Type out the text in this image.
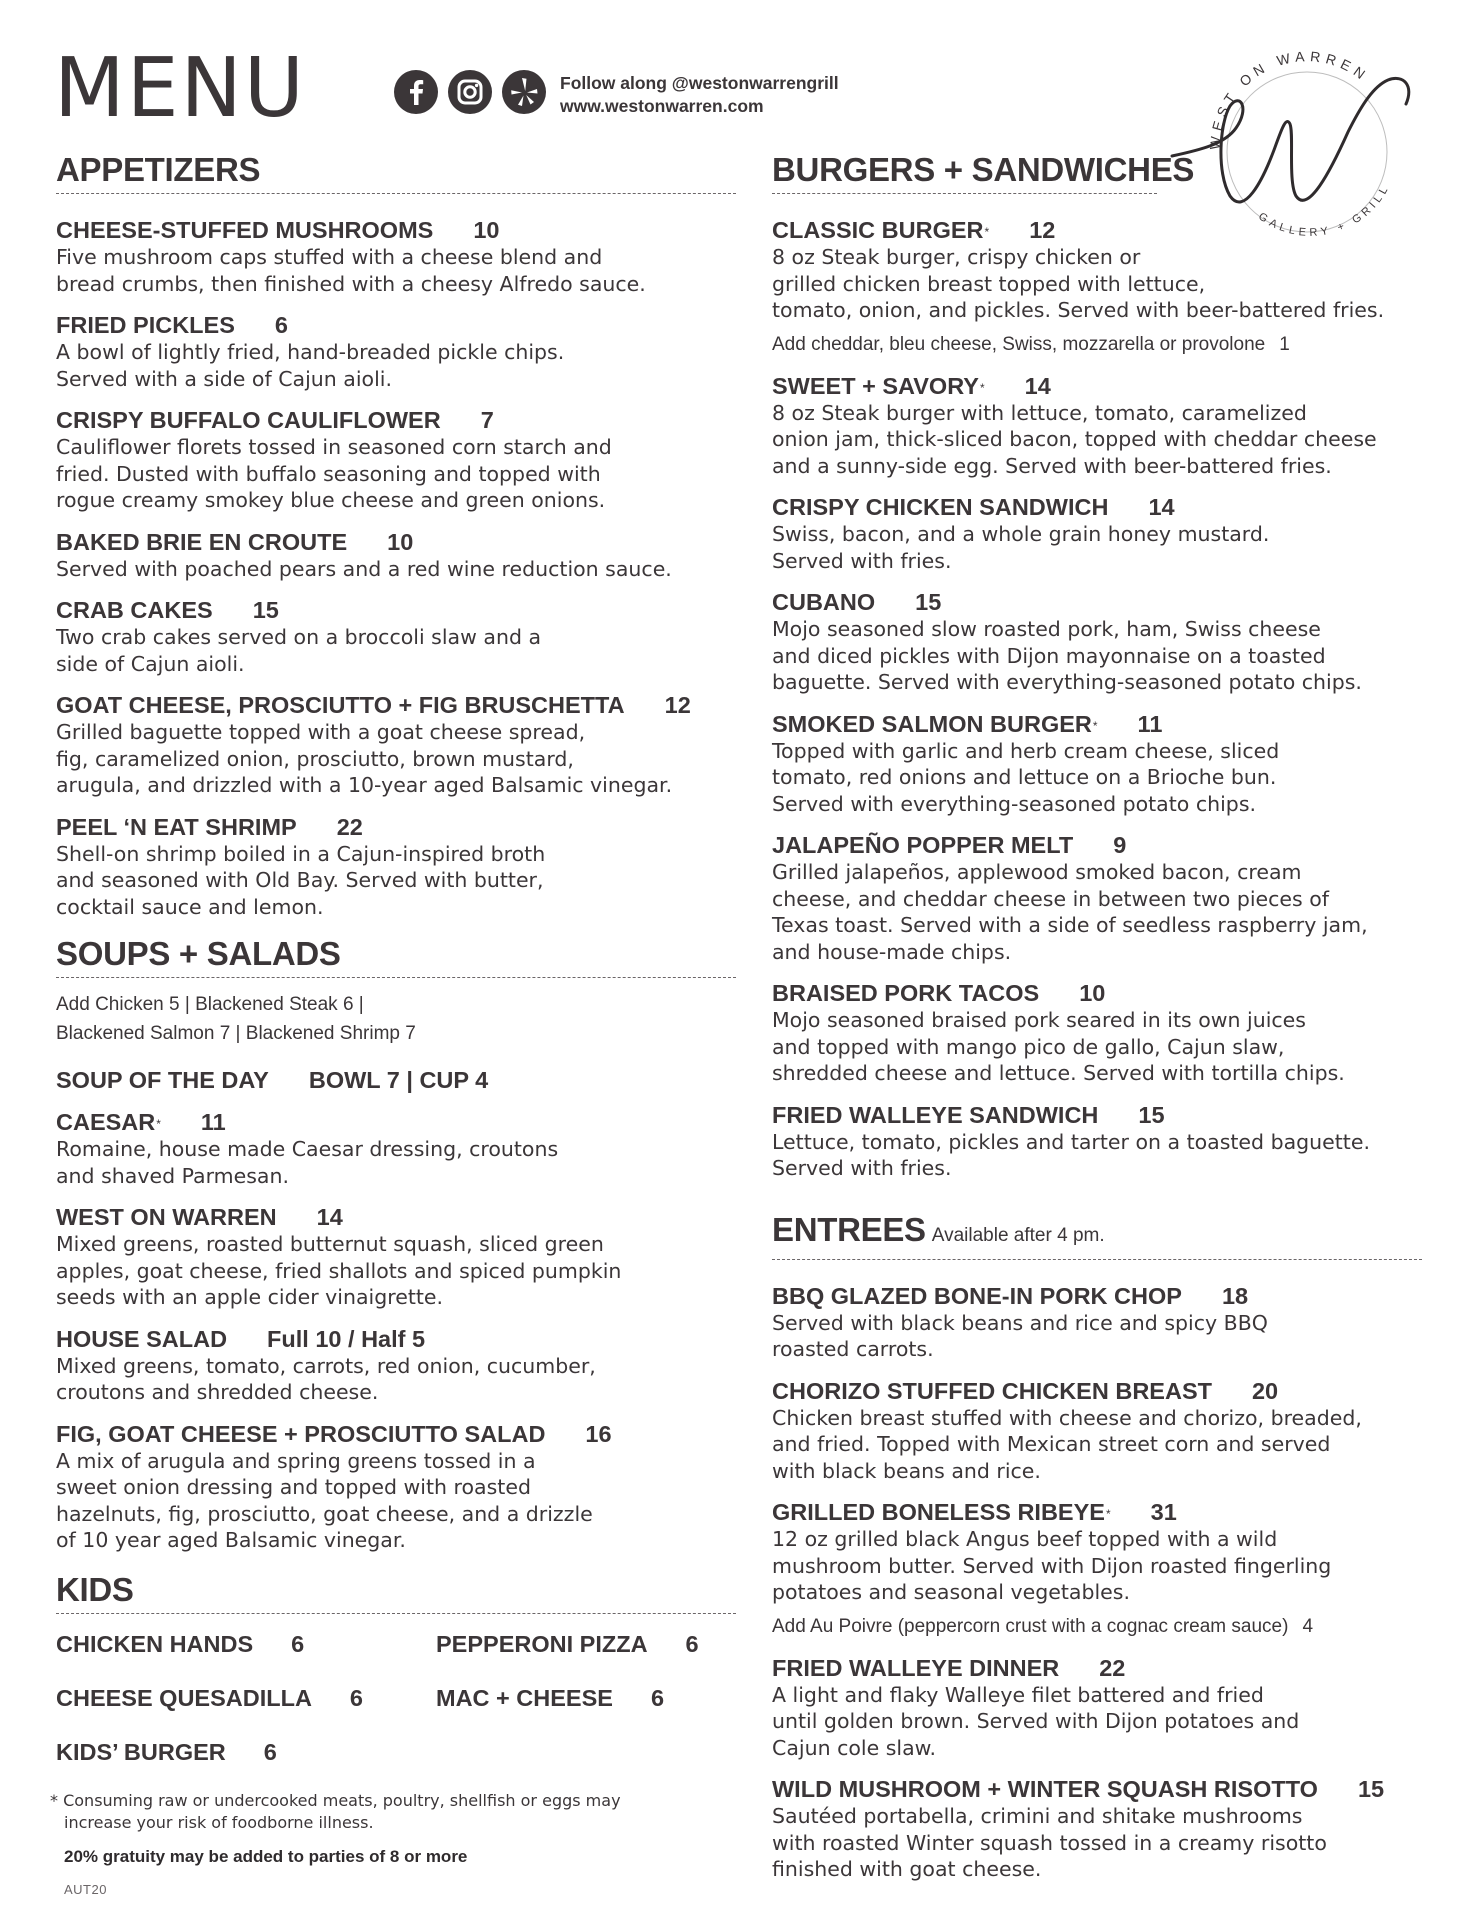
MENU	Follow along @westonwarrengrill
www.westonwarren.com
WEST ON WARREN
GALLERY + GRILL
APPETIZERS
CHEESE-STUFFED MUSHROOMS 10
Five mushroom caps stuffed with a cheese blend and
bread crumbs, then finished with a cheesy Alfredo sauce.
FRIED PICKLES 6
A bowl of lightly fried, hand-breaded pickle chips.
Served with a side of Cajun aioli.
CRISPY BUFFALO CAULIFLOWER 7
Cauliflower florets tossed in seasoned corn starch and
fried. Dusted with buffalo seasoning and topped with
rogue creamy smokey blue cheese and green onions.
BAKED BRIE EN CROUTE 10
Served with poached pears and a red wine reduction sauce.
CRAB CAKES 15
Two crab cakes served on a broccoli slaw and a
side of Cajun aioli.
GOAT CHEESE, PROSCIUTTO + FIG BRUSCHETTA 12
Grilled baguette topped with a goat cheese spread,
fig, caramelized onion, prosciutto, brown mustard,
arugula, and drizzled with a 10-year aged Balsamic vinegar.
PEEL ‘N EAT SHRIMP 22
Shell-on shrimp boiled in a Cajun-inspired broth
and seasoned with Old Bay. Served with butter,
cocktail sauce and lemon.
SOUPS + SALADS
Add Chicken 5 | Blackened Steak 6 |
Blackened Salmon 7 | Blackened Shrimp 7
SOUP OF THE DAY BOWL 7 | CUP 4
CAESAR* 11
Romaine, house made Caesar dressing, croutons
and shaved Parmesan.
WEST ON WARREN 14
Mixed greens, roasted butternut squash, sliced green
apples, goat cheese, fried shallots and spiced pumpkin
seeds with an apple cider vinaigrette.
HOUSE SALAD Full 10 / Half 5
Mixed greens, tomato, carrots, red onion, cucumber,
croutons and shredded cheese.
FIG, GOAT CHEESE + PROSCIUTTO SALAD 16
A mix of arugula and spring greens tossed in a
sweet onion dressing and topped with roasted
hazelnuts, fig, prosciutto, goat cheese, and a drizzle
of 10 year aged Balsamic vinegar.
KIDS
CHICKEN HANDS 6	PEPPERONI PIZZA 6
CHEESE QUESADILLA 6	MAC + CHEESE 6
KIDS’ BURGER 6
BURGERS + SANDWICHES
CLASSIC BURGER* 12
8 oz Steak burger, crispy chicken or
grilled chicken breast topped with lettuce,
tomato, onion, and pickles. Served with beer-battered fries.
Add cheddar, bleu cheese, Swiss, mozzarella or provolone 1
SWEET + SAVORY* 14
8 oz Steak burger with lettuce, tomato, caramelized
onion jam, thick-sliced bacon, topped with cheddar cheese
and a sunny-side egg. Served with beer-battered fries.
CRISPY CHICKEN SANDWICH 14
Swiss, bacon, and a whole grain honey mustard.
Served with fries.
CUBANO 15
Mojo seasoned slow roasted pork, ham, Swiss cheese
and diced pickles with Dijon mayonnaise on a toasted
baguette. Served with everything-seasoned potato chips.
SMOKED SALMON BURGER* 11
Topped with garlic and herb cream cheese, sliced
tomato, red onions and lettuce on a Brioche bun.
Served with everything-seasoned potato chips.
JALAPEÑO POPPER MELT 9
Grilled jalapeños, applewood smoked bacon, cream
cheese, and cheddar cheese in between two pieces of
Texas toast. Served with a side of seedless raspberry jam,
and house-made chips.
BRAISED PORK TACOS 10
Mojo seasoned braised pork seared in its own juices
and topped with mango pico de gallo, Cajun slaw,
shredded cheese and lettuce. Served with tortilla chips.
FRIED WALLEYE SANDWICH 15
Lettuce, tomato, pickles and tarter on a toasted baguette.
Served with fries.
ENTREES Available after 4 pm.
BBQ GLAZED BONE-IN PORK CHOP 18
Served with black beans and rice and spicy BBQ
roasted carrots.
CHORIZO STUFFED CHICKEN BREAST 20
Chicken breast stuffed with cheese and chorizo, breaded,
and fried. Topped with Mexican street corn and served
with black beans and rice.
GRILLED BONELESS RIBEYE* 31
12 oz grilled black Angus beef topped with a wild
mushroom butter. Served with Dijon roasted fingerling
potatoes and seasonal vegetables.
Add Au Poivre (peppercorn crust with a cognac cream sauce) 4
FRIED WALLEYE DINNER 22
A light and flaky Walleye filet battered and fried
until golden brown. Served with Dijon potatoes and
Cajun cole slaw.
WILD MUSHROOM + WINTER SQUASH RISOTTO 15
Sautéed portabella, crimini and shitake mushrooms
with roasted Winter squash tossed in a creamy risotto
finished with goat cheese.
* Consuming raw or undercooked meats, poultry, shellfish or eggs may
increase your risk of foodborne illness.
20% gratuity may be added to parties of 8 or more
AUT20
